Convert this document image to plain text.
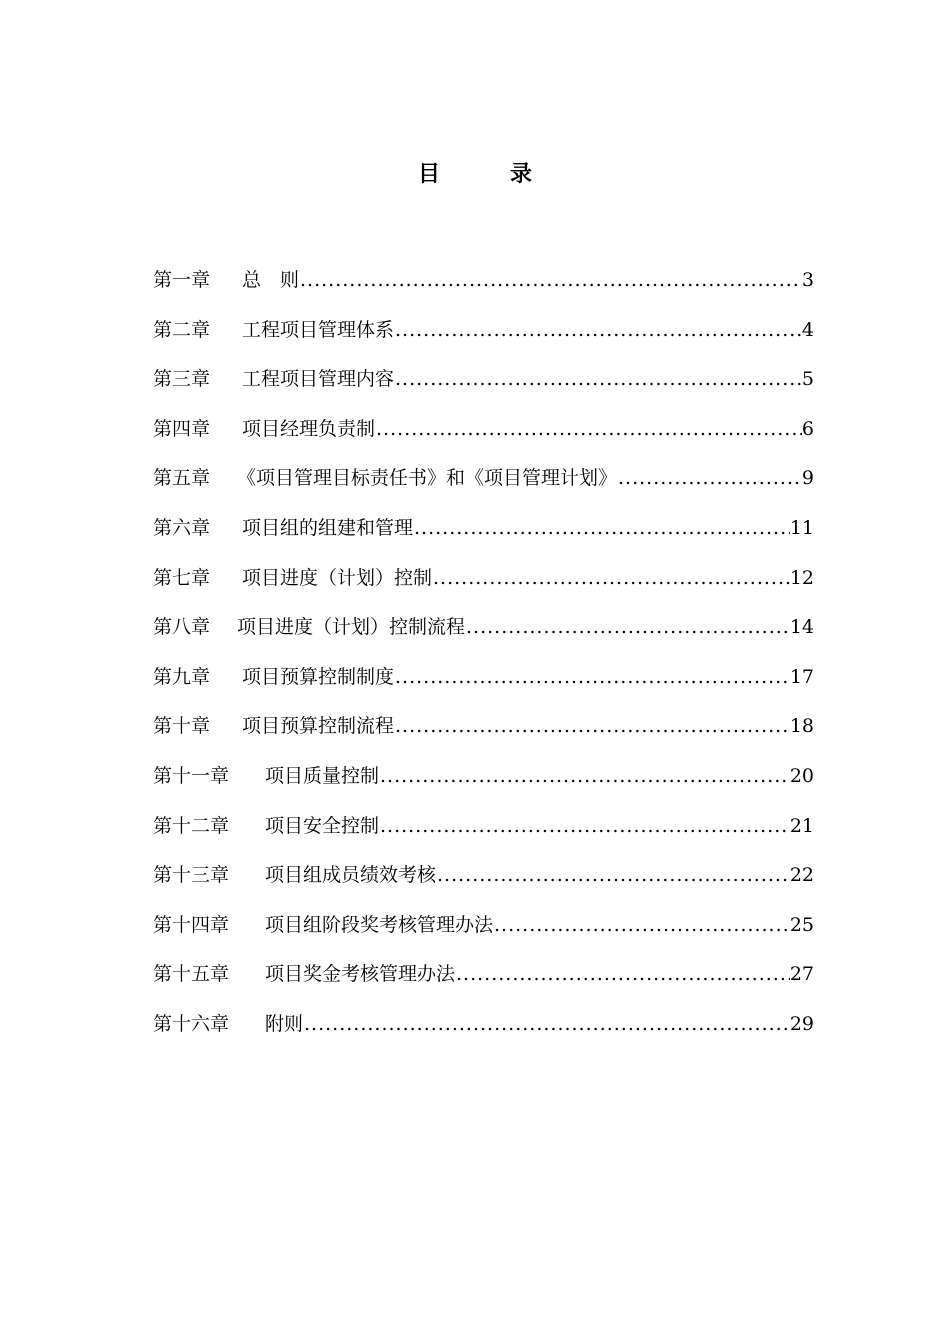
目　录
第一章	总　则 .....	3
第二章	工程项目管理体系 .....	4
第三章	工程项目管理内容 .....	5
第四章	项目经理负责制 .....	6
第五章	《项目管理目标责任书》和《项目管理计划》 .....	9
第六章	项目组的组建和管理 .....	11
第七章	项目进度（计划）控制 .....	12
第八章	项目进度（计划）控制流程 .....	14
第九章	项目预算控制制度 .....	17
第十章	项目预算控制流程 .....	18
第十一章	项目质量控制 .....	20
第十二章	项目安全控制 .....	21
第十三章	项目组成员绩效考核 .....	22
第十四章	项目组阶段奖考核管理办法 .....	25
第十五章	项目奖金考核管理办法 .....	27
第十六章	附则 .....	29
